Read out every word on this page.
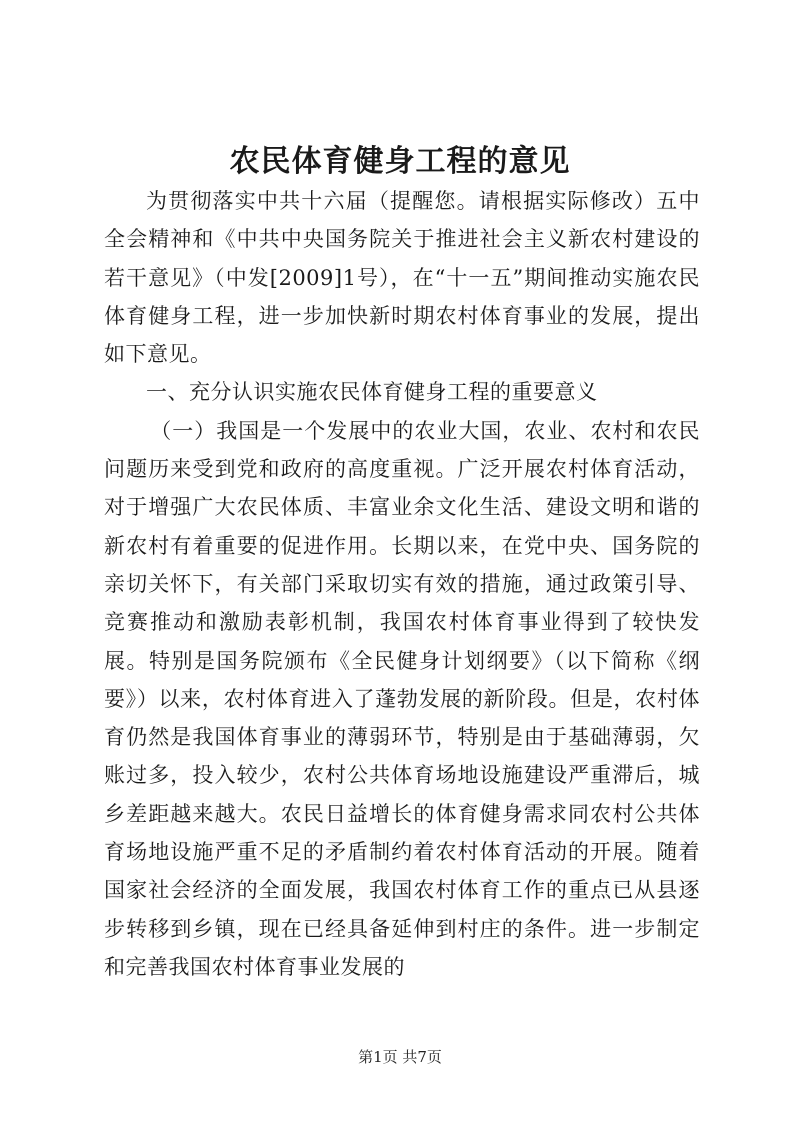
农民体育健身工程的意见

为贯彻落实中共十六届（提醒您。请根据实际修改）五中全会精神和《中共中央国务院关于推进社会主义新农村建设的若干意见》（中发[2009]1号），在“十一五”期间推动实施农民体育健身工程，进一步加快新时期农村体育事业的发展，提出如下意见。

一、充分认识实施农民体育健身工程的重要意义

（一）我国是一个发展中的农业大国，农业、农村和农民问题历来受到党和政府的高度重视。广泛开展农村体育活动，对于增强广大农民体质、丰富业余文化生活、建设文明和谐的新农村有着重要的促进作用。长期以来，在党中央、国务院的亲切关怀下，有关部门采取切实有效的措施，通过政策引导、竞赛推动和激励表彰机制，我国农村体育事业得到了较快发展。特别是国务院颁布《全民健身计划纲要》（以下简称《纲要》）以来，农村体育进入了蓬勃发展的新阶段。但是，农村体育仍然是我国体育事业的薄弱环节，特别是由于基础薄弱，欠账过多，投入较少，农村公共体育场地设施建设严重滞后，城乡差距越来越大。农民日益增长的体育健身需求同农村公共体育场地设施严重不足的矛盾制约着农村体育活动的开展。随着国家社会经济的全面发展，我国农村体育工作的重点已从县逐步转移到乡镇，现在已经具备延伸到村庄的条件。进一步制定和完善我国农村体育事业发展的

第1页 共7页
